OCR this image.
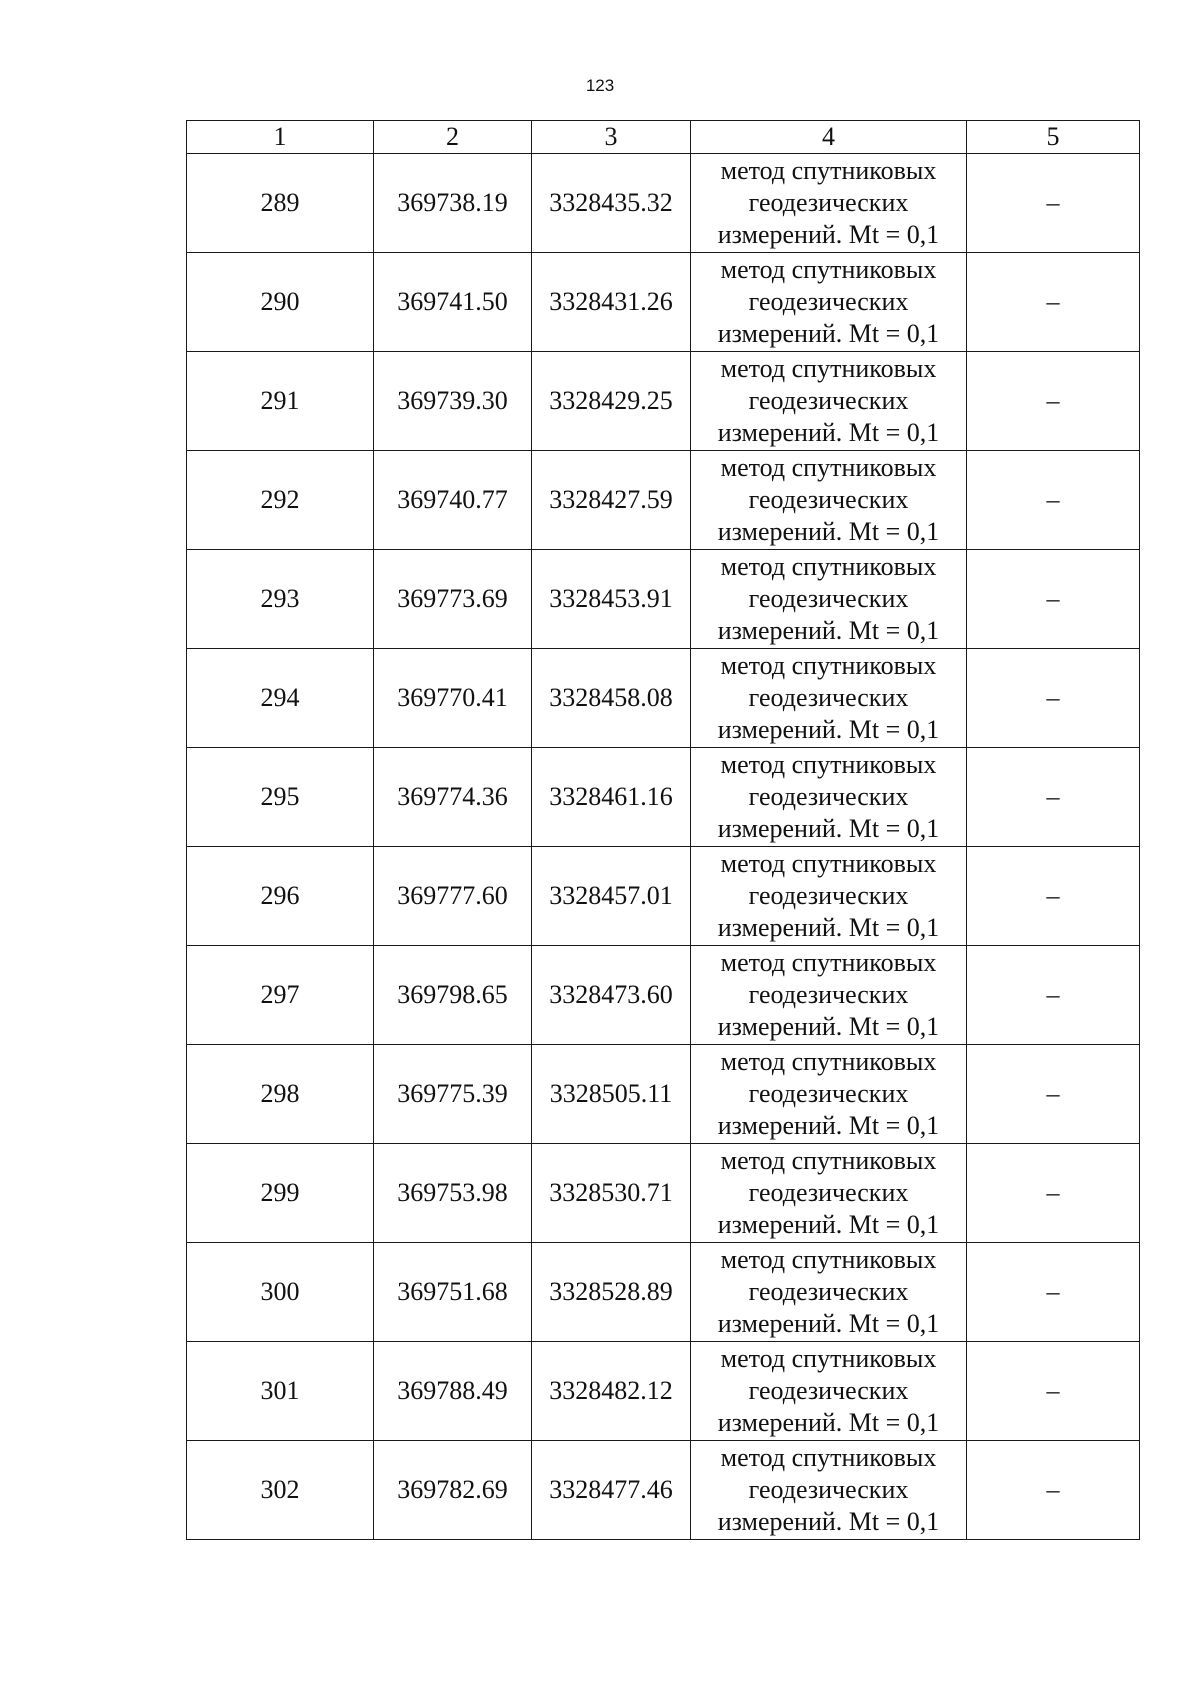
123
1	2	3	4	5
289	369738.19	3328435.32	метод спутниковых
геодезических
измерений. Mt = 0,1	–
290	369741.50	3328431.26	метод спутниковых
геодезических
измерений. Mt = 0,1	–
291	369739.30	3328429.25	метод спутниковых
геодезических
измерений. Mt = 0,1	–
292	369740.77	3328427.59	метод спутниковых
геодезических
измерений. Mt = 0,1	–
293	369773.69	3328453.91	метод спутниковых
геодезических
измерений. Mt = 0,1	–
294	369770.41	3328458.08	метод спутниковых
геодезических
измерений. Mt = 0,1	–
295	369774.36	3328461.16	метод спутниковых
геодезических
измерений. Mt = 0,1	–
296	369777.60	3328457.01	метод спутниковых
геодезических
измерений. Mt = 0,1	–
297	369798.65	3328473.60	метод спутниковых
геодезических
измерений. Mt = 0,1	–
298	369775.39	3328505.11	метод спутниковых
геодезических
измерений. Mt = 0,1	–
299	369753.98	3328530.71	метод спутниковых
геодезических
измерений. Mt = 0,1	–
300	369751.68	3328528.89	метод спутниковых
геодезических
измерений. Mt = 0,1	–
301	369788.49	3328482.12	метод спутниковых
геодезических
измерений. Mt = 0,1	–
302	369782.69	3328477.46	метод спутниковых
геодезических
измерений. Mt = 0,1	–
